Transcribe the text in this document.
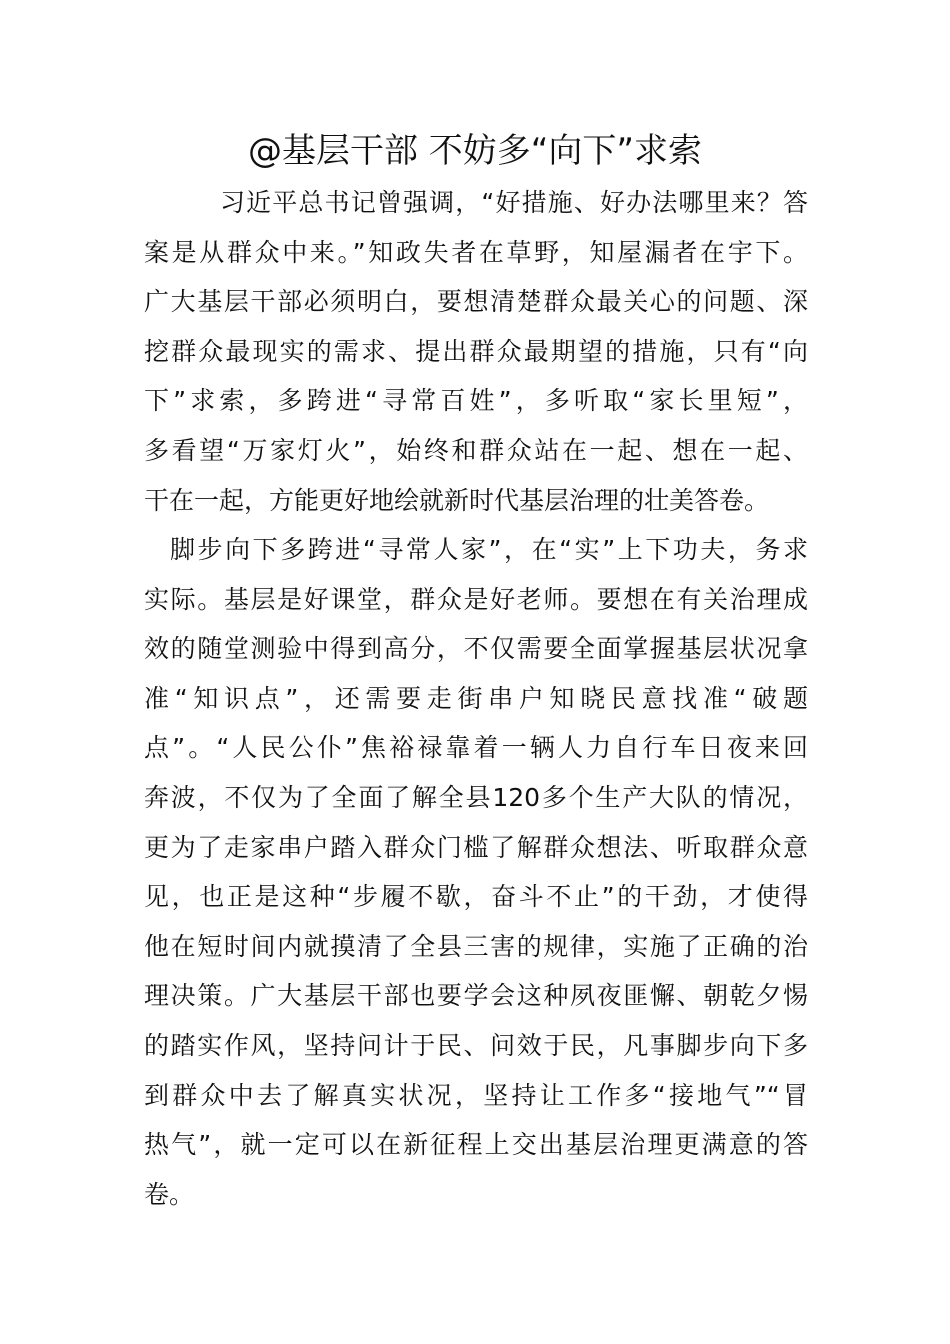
@基层干部 不妨多“向下”求索
习近平总书记曾强调，“好措施、好办法哪里来？答
案是从群众中来。”知政失者在草野，知屋漏者在宇下。
广大基层干部必须明白，要想清楚群众最关心的问题、深
挖群众最现实的需求、提出群众最期望的措施，只有“向
下”求索，多跨进“寻常百姓”，多听取“家长里短”，
多看望“万家灯火”，始终和群众站在一起、想在一起、
干在一起，方能更好地绘就新时代基层治理的壮美答卷。
脚步向下多跨进“寻常人家”，在“实”上下功夫，务求
实际。基层是好课堂，群众是好老师。要想在有关治理成
效的随堂测验中得到高分，不仅需要全面掌握基层状况拿
准“知识点”，还需要走街串户知晓民意找准“破题
点”。“人民公仆”焦裕禄靠着一辆人力自行车日夜来回
奔波，不仅为了全面了解全县120多个生产大队的情况，
更为了走家串户踏入群众门槛了解群众想法、听取群众意
见，也正是这种“步履不歇，奋斗不止”的干劲，才使得
他在短时间内就摸清了全县三害的规律，实施了正确的治
理决策。广大基层干部也要学会这种夙夜匪懈、朝乾夕惕
的踏实作风，坚持问计于民、问效于民，凡事脚步向下多
到群众中去了解真实状况，坚持让工作多“接地气”“冒
热气”，就一定可以在新征程上交出基层治理更满意的答
卷。
